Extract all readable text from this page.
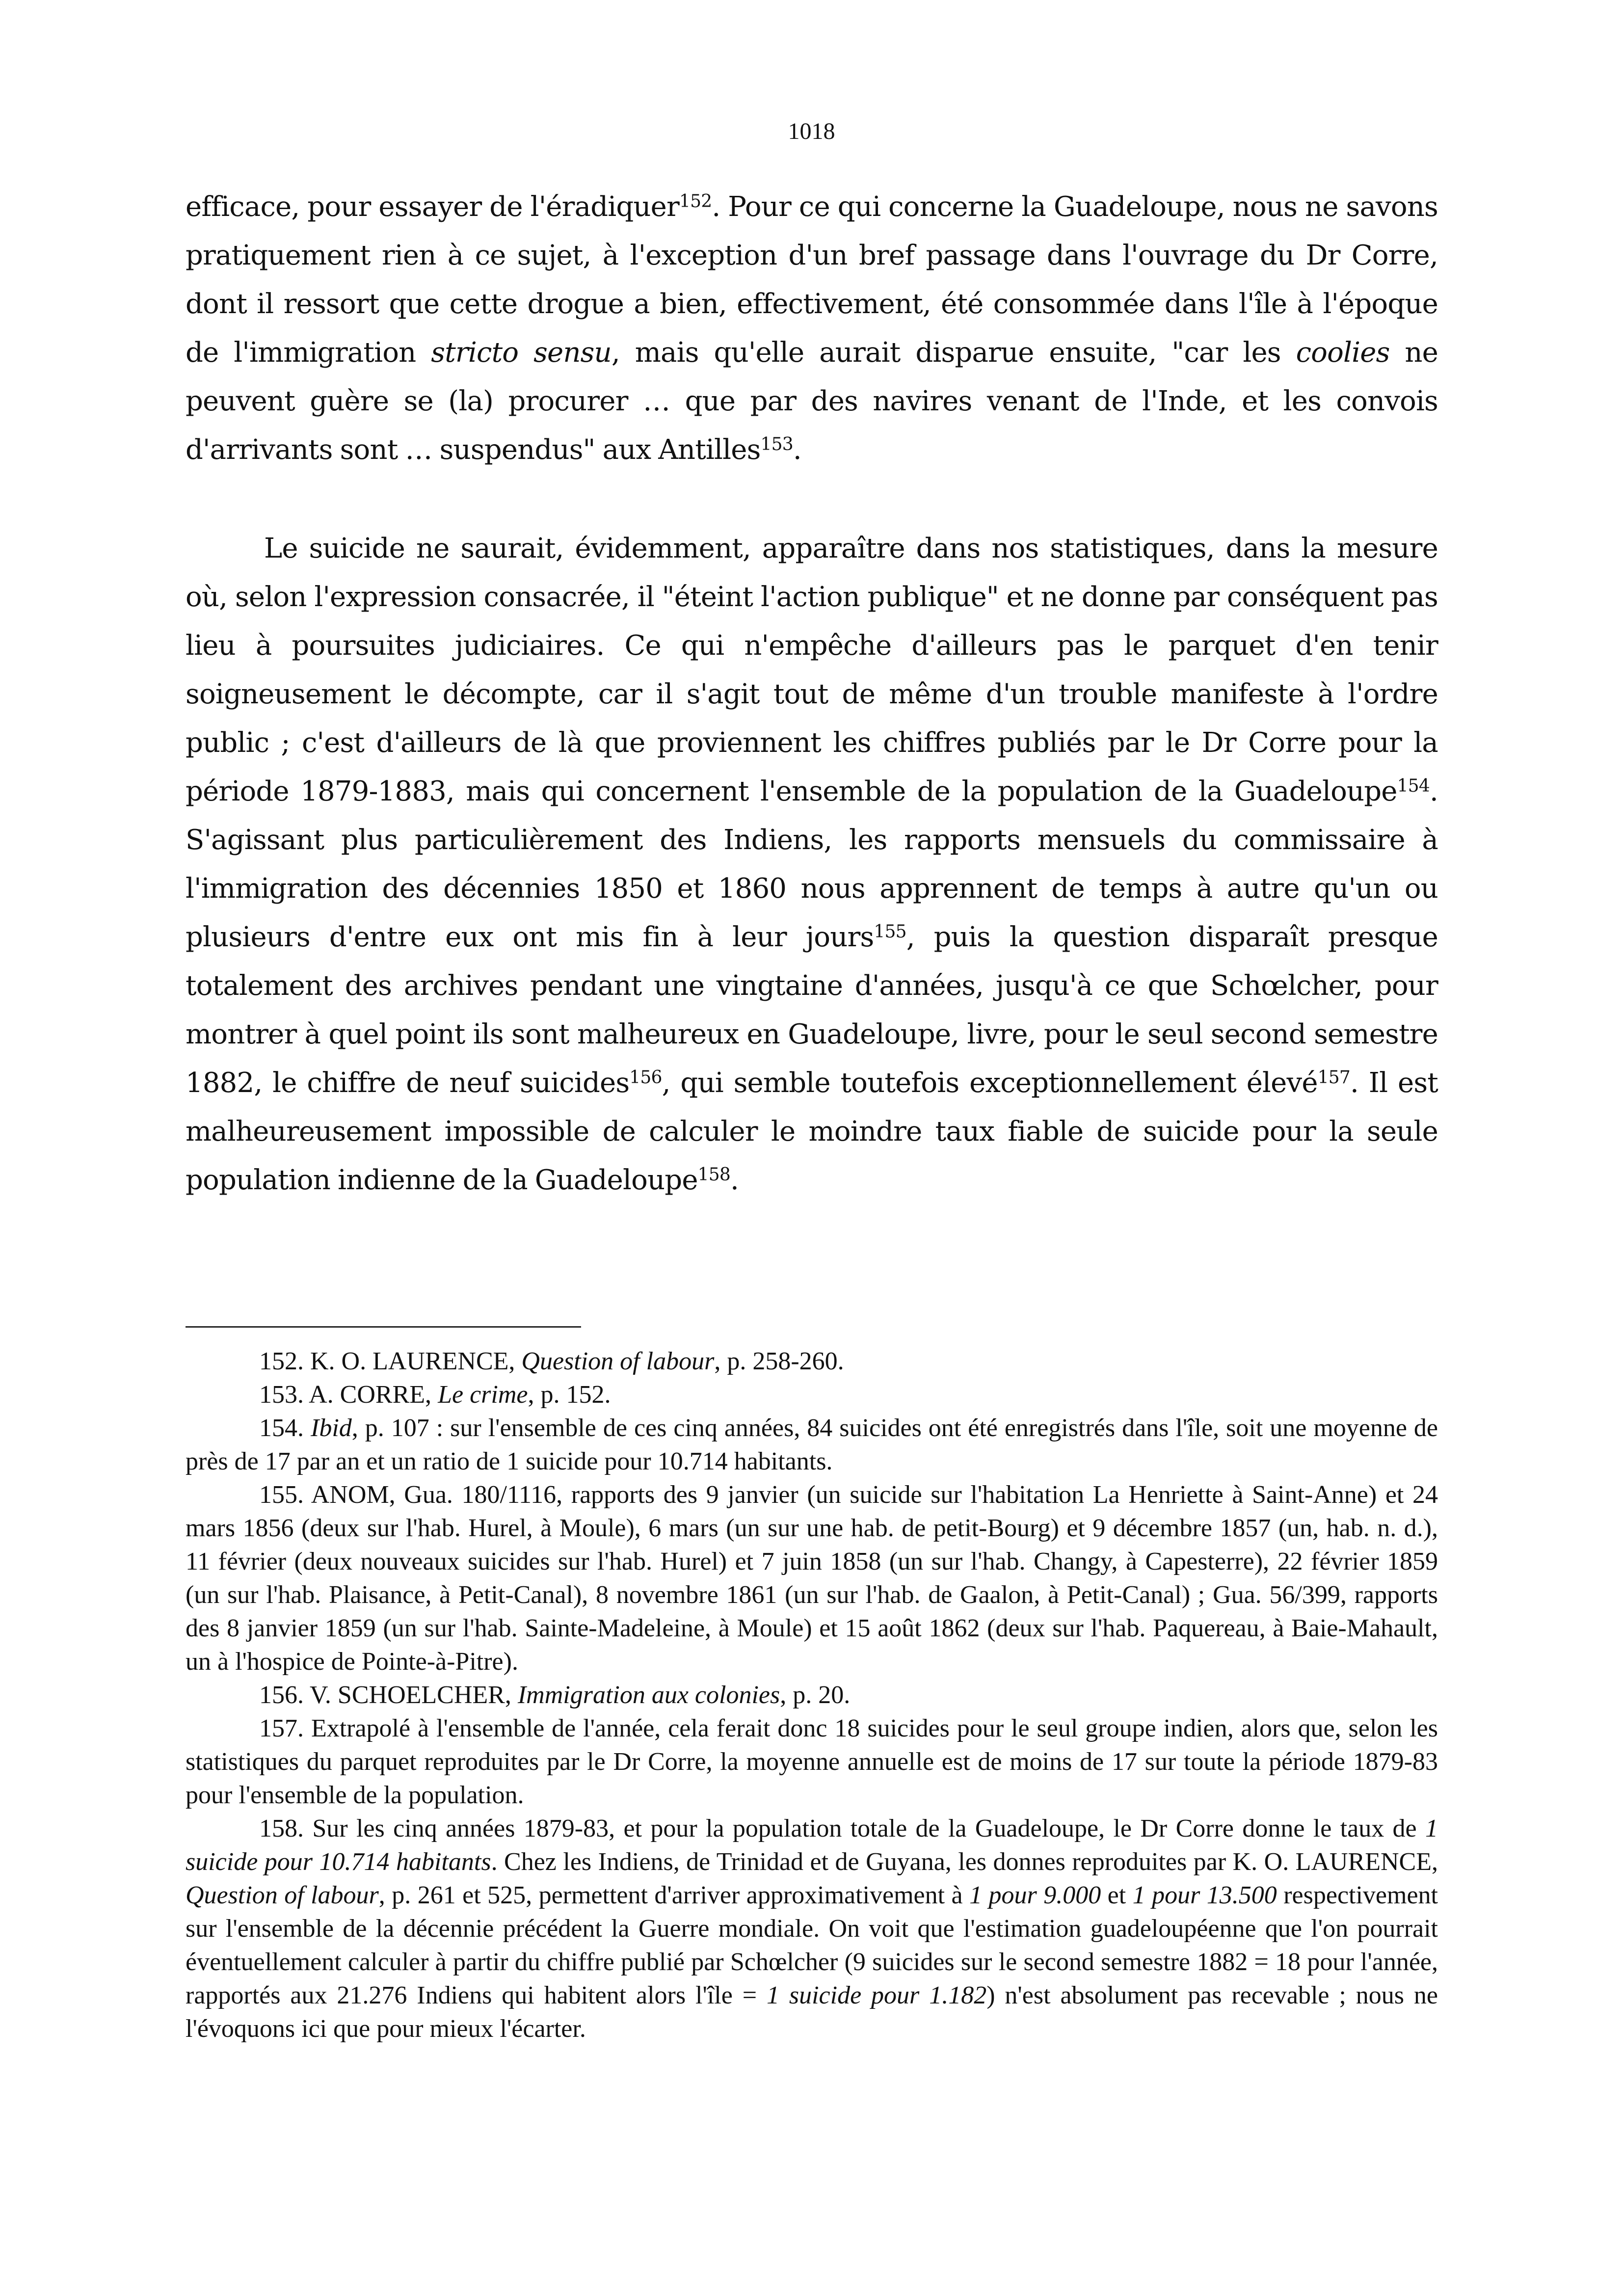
1018

efficace, pour essayer de l'éradiquer$^{152}$. Pour ce qui concerne la Guadeloupe, nous ne savons pratiquement rien à ce sujet, à l'exception d'un bref passage dans l'ouvrage du Dr Corre, dont il ressort que cette drogue a bien, effectivement, été consommée dans l'île à l'époque de l'immigration stricto sensu, mais qu'elle aurait disparue ensuite, "car les coolies ne peuvent guère se (la) procurer … que par des navires venant de l'Inde, et les convois d'arrivants sont … suspendus" aux Antilles$^{153}$.

Le suicide ne saurait, évidemment, apparaître dans nos statistiques, dans la mesure où, selon l'expression consacrée, il "éteint l'action publique" et ne donne par conséquent pas lieu à poursuites judiciaires. Ce qui n'empêche d'ailleurs pas le parquet d'en tenir soigneusement le décompte, car il s'agit tout de même d'un trouble manifeste à l'ordre public ; c'est d'ailleurs de là que proviennent les chiffres publiés par le Dr Corre pour la période 1879-1883, mais qui concernent l'ensemble de la population de la Guadeloupe$^{154}$. S'agissant plus particulièrement des Indiens, les rapports mensuels du commissaire à l'immigration des décennies 1850 et 1860 nous apprennent de temps à autre qu'un ou plusieurs d'entre eux ont mis fin à leur jours$^{155}$, puis la question disparaît presque totalement des archives pendant une vingtaine d'années, jusqu'à ce que Schœlcher, pour montrer à quel point ils sont malheureux en Guadeloupe, livre, pour le seul second semestre 1882, le chiffre de neuf suicides$^{156}$, qui semble toutefois exceptionnellement élevé$^{157}$. Il est malheureusement impossible de calculer le moindre taux fiable de suicide pour la seule population indienne de la Guadeloupe$^{158}$.

152. K. O. LAURENCE, Question of labour, p. 258-260.

153. A. CORRE, Le crime, p. 152.

154. Ibid, p. 107 : sur l'ensemble de ces cinq années, 84 suicides ont été enregistrés dans l'île, soit une moyenne de près de 17 par an et un ratio de 1 suicide pour 10.714 habitants.

155. ANOM, Gua. 180/1116, rapports des 9 janvier (un suicide sur l'habitation La Henriette à Saint-Anne) et 24 mars 1856 (deux sur l'hab. Hurel, à Moule), 6 mars (un sur une hab. de petit-Bourg) et 9 décembre 1857 (un, hab. n. d.), 11 février (deux nouveaux suicides sur l'hab. Hurel) et 7 juin 1858 (un sur l'hab. Changy, à Capesterre), 22 février 1859 (un sur l'hab. Plaisance, à Petit-Canal), 8 novembre 1861 (un sur l'hab. de Gaalon, à Petit-Canal) ; Gua. 56/399, rapports des 8 janvier 1859 (un sur l'hab. Sainte-Madeleine, à Moule) et 15 août 1862 (deux sur l'hab. Paquereau, à Baie-Mahault, un à l'hospice de Pointe-à-Pitre).

156. V. SCHOELCHER, Immigration aux colonies, p. 20.

157. Extrapolé à l'ensemble de l'année, cela ferait donc 18 suicides pour le seul groupe indien, alors que, selon les statistiques du parquet reproduites par le Dr Corre, la moyenne annuelle est de moins de 17 sur toute la période 1879-83 pour l'ensemble de la population.

158. Sur les cinq années 1879-83, et pour la population totale de la Guadeloupe, le Dr Corre donne le taux de 1 suicide pour 10.714 habitants. Chez les Indiens, de Trinidad et de Guyana, les donnes reproduites par K. O. LAURENCE, Question of labour, p. 261 et 525, permettent d'arriver approximativement à 1 pour 9.000 et 1 pour 13.500 respectivement sur l'ensemble de la décennie précédent la Guerre mondiale. On voit que l'estimation guadeloupéenne que l'on pourrait éventuellement calculer à partir du chiffre publié par Schœlcher (9 suicides sur le second semestre 1882 = 18 pour l'année, rapportés aux 21.276 Indiens qui habitent alors l'île = 1 suicide pour 1.182) n'est absolument pas recevable ; nous ne l'évoquons ici que pour mieux l'écarter.
